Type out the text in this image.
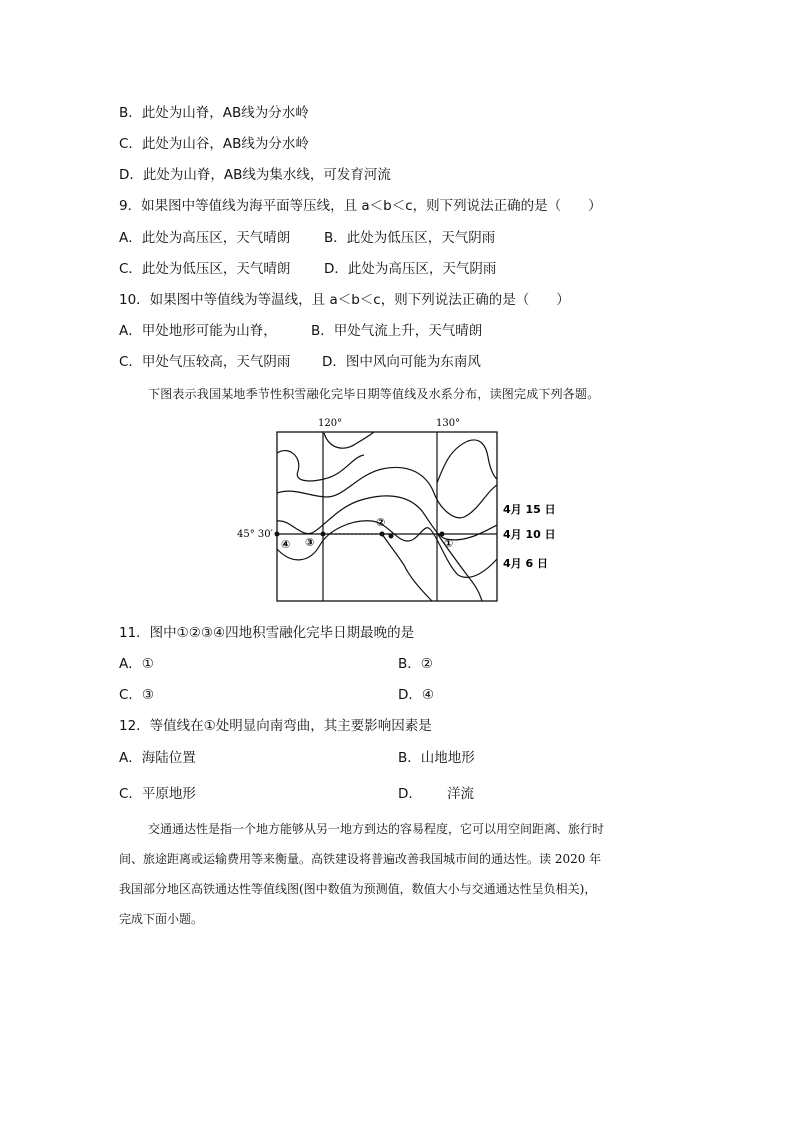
B．此处为山脊，AB线为分水岭
C．此处为山谷，AB线为分水岭
D．此处为山脊，AB线为集水线，可发育河流
9．如果图中等值线为海平面等压线，且 a＜b＜c，则下列说法正确的是（　　）
A．此处为高压区，天气晴朗	B．此处为低压区，天气阴雨
C．此处为低压区，天气晴朗 D．此处为高压区，天气阴雨
10．如果图中等值线为等温线，且 a＜b＜c，则下列说法正确的是（　　）
A．甲处地形可能为山脊，	B．甲处气流上升，天气晴朗
C．甲处气压较高，天气阴雨 D．图中风向可能为东南风
下图表示我国某地季节性积雪融化完毕日期等值线及水系分布，读图完成下列各题。
120°	130°
④ ③
②
①
45° 30′
4月 15 日
4月 10 日
4月 6 日
11．图中①②③④四地积雪融化完毕日期最晚的是
A．①	B．②
C．③	D．④
12．等值线在①处明显向南弯曲，其主要影响因素是
A．海陆位置	B．山地地形
C．平原地形	D． 洋流
交通通达性是指一个地方能够从另一地方到达的容易程度，它可以用空间距离、旅行时
间、旅途距离或运输费用等来衡量。高铁建设将普遍改善我国城市间的通达性。读 2020 年
我国部分地区高铁通达性等值线图(图中数值为预测值，数值大小与交通通达性呈负相关)，
完成下面小题。
